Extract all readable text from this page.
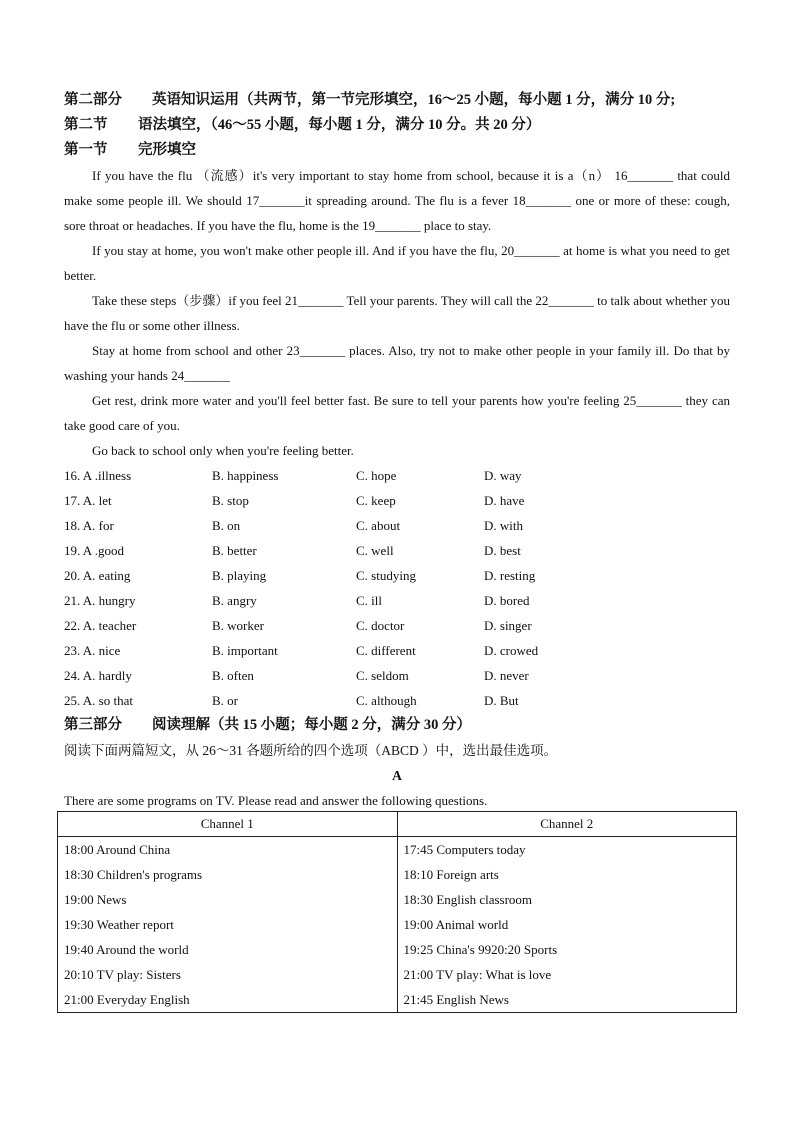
第二部分 英语知识运用（共两节，第一节完形填空，16～25 小题，每小题 1 分，满分 10 分;
第二节 语法填空，（46～55 小题，每小题 1 分，满分 10 分。共 20 分）
第一节 完形填空
If you have the flu （流感）it's very important to stay home from school, because it is a（n） 16_______ that could make some people ill. We should 17_______it spreading around. The flu is a fever 18_______ one or more of these: cough, sore throat or headaches. If you have the flu, home is the 19_______ place to stay.
If you stay at home, you won't make other people ill. And if you have the flu, 20_______ at home is what you need to get better.
Take these steps（步骤）if you feel 21_______ Tell your parents. They will call the 22_______ to talk about whether you have the flu or some other illness.
Stay at home from school and other 23_______ places. Also, try not to make other people in your family ill. Do that by washing your hands 24_______
Get rest, drink more water and you'll feel better fast. Be sure to tell your parents how you're feeling 25_______ they can take good care of you.
Go back to school only when you're feeling better.
16. A .illness	B. happiness	C. hope	D. way
17. A. let	B. stop	C. keep	D. have
18. A. for	B. on	C. about	D. with
19. A .good	B. better	C. well	D. best
20. A. eating	B. playing	C. studying	D. resting
21. A. hungry	B. angry	C. ill	D. bored
22. A. teacher	B. worker	C. doctor	D. singer
23. A. nice	B. important	C. different	D. crowed
24. A. hardly	B. often	C. seldom	D. never
25. A. so that	B. or	C. although	D. But
第三部分 阅读理解（共 15 小题；每小题 2 分，满分 30 分）
阅读下面两篇短文，从 26～31 各题所给的四个选项（ABCD ）中，选出最佳选项。
A
There are some programs on TV. Please read and answer the following questions.
Channel 1	Channel 2
18:00 Around China	17:45 Computers today
18:30 Children's programs	18:10 Foreign arts
19:00 News	18:30 English classroom
19:30 Weather report	19:00 Animal world
19:40 Around the world	19:25 China's 9920:20 Sports
20:10 TV play: Sisters	21:00 TV play: What is love
21:00 Everyday English	21:45 English News
